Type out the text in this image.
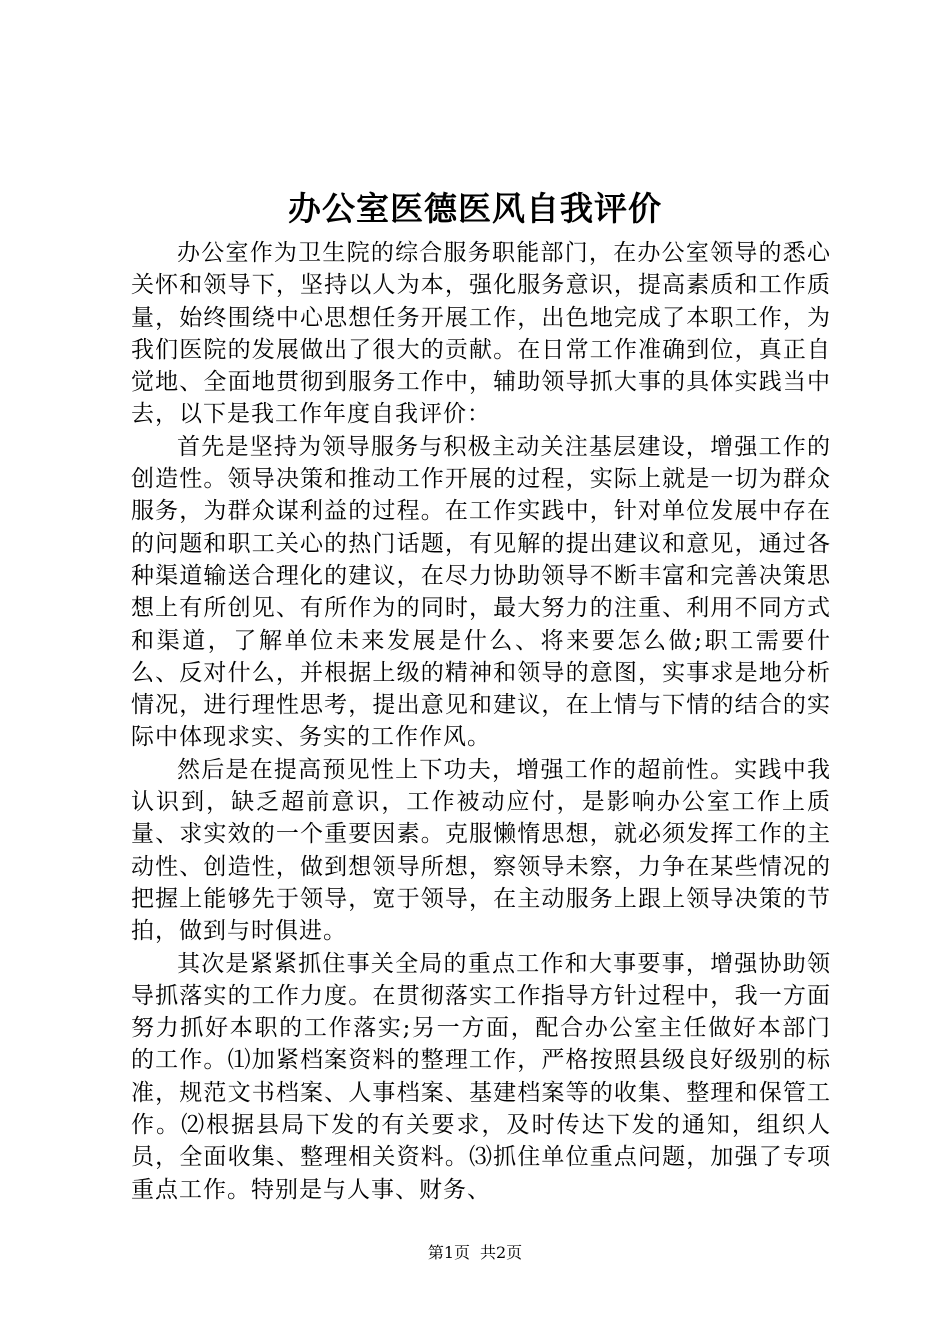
办公室医德医风自我评价

办公室作为卫生院的综合服务职能部门，在办公室领导的悉心关怀和领导下，坚持以人为本，强化服务意识，提高素质和工作质量，始终围绕中心思想任务开展工作，出色地完成了本职工作，为我们医院的发展做出了很大的贡献。在日常工作准确到位，真正自觉地、全面地贯彻到服务工作中，辅助领导抓大事的具体实践当中去，以下是我工作年度自我评价：

首先是坚持为领导服务与积极主动关注基层建设，增强工作的创造性。领导决策和推动工作开展的过程，实际上就是一切为群众服务，为群众谋利益的过程。在工作实践中，针对单位发展中存在的问题和职工关心的热门话题，有见解的提出建议和意见，通过各种渠道输送合理化的建议，在尽力协助领导不断丰富和完善决策思想上有所创见、有所作为的同时，最大努力的注重、利用不同方式和渠道，了解单位未来发展是什么、将来要怎么做;职工需要什么、反对什么，并根据上级的精神和领导的意图，实事求是地分析情况，进行理性思考，提出意见和建议，在上情与下情的结合的实际中体现求实、务实的工作作风。

然后是在提高预见性上下功夫，增强工作的超前性。实践中我认识到，缺乏超前意识，工作被动应付，是影响办公室工作上质量、求实效的一个重要因素。克服懒惰思想，就必须发挥工作的主动性、创造性，做到想领导所想，察领导未察，力争在某些情况的把握上能够先于领导，宽于领导，在主动服务上跟上领导决策的节拍，做到与时俱进。

其次是紧紧抓住事关全局的重点工作和大事要事，增强协助领导抓落实的工作力度。在贯彻落实工作指导方针过程中，我一方面努力抓好本职的工作落实;另一方面，配合办公室主任做好本部门的工作。⑴加紧档案资料的整理工作，严格按照县级良好级别的标准，规范文书档案、人事档案、基建档案等的收集、整理和保管工作。⑵根据县局下发的有关要求，及时传达下发的通知，组织人员，全面收集、整理相关资料。⑶抓住单位重点问题，加强了专项重点工作。特别是与人事、财务、

第1页 共2页
